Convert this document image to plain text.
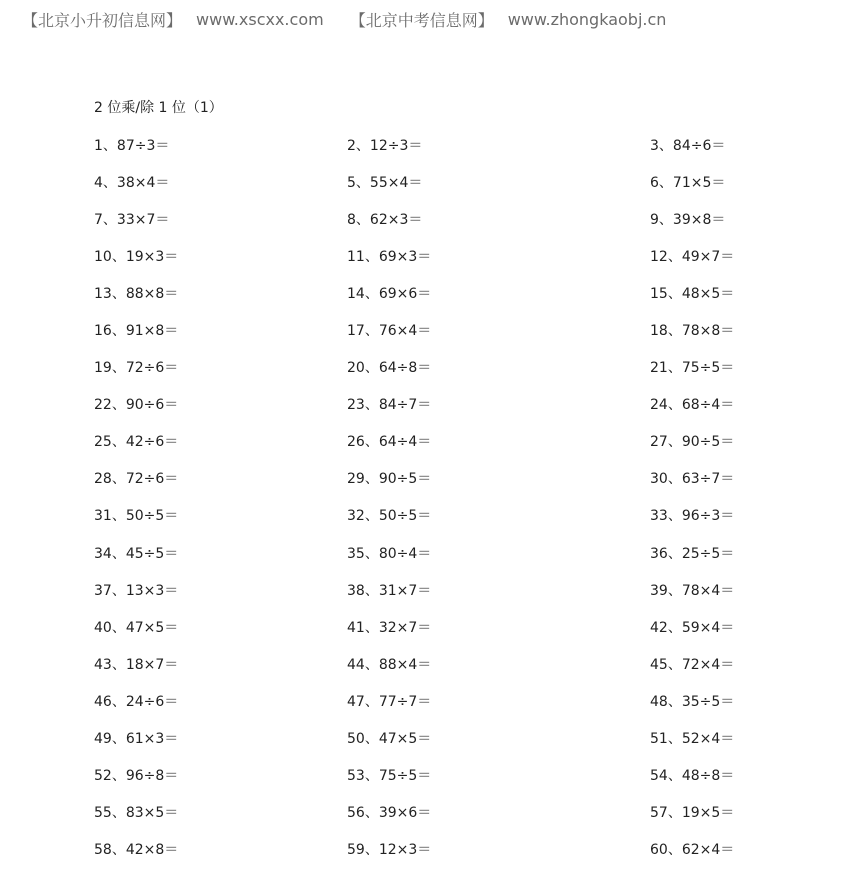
【北京小升初信息网】 www.xscxx.com 【北京中考信息网】 www.zhongkaobj.cn
2 位乘/除 1 位（1）
1、87÷3＝	2、12÷3＝	3、84÷6＝
4、38×4＝	5、55×4＝	6、71×5＝
7、33×7＝	8、62×3＝	9、39×8＝
10、19×3＝	11、69×3＝	12、49×7＝
13、88×8＝	14、69×6＝	15、48×5＝
16、91×8＝	17、76×4＝	18、78×8＝
19、72÷6＝	20、64÷8＝	21、75÷5＝
22、90÷6＝	23、84÷7＝	24、68÷4＝
25、42÷6＝	26、64÷4＝	27、90÷5＝
28、72÷6＝	29、90÷5＝	30、63÷7＝
31、50÷5＝	32、50÷5＝	33、96÷3＝
34、45÷5＝	35、80÷4＝	36、25÷5＝
37、13×3＝	38、31×7＝	39、78×4＝
40、47×5＝	41、32×7＝	42、59×4＝
43、18×7＝	44、88×4＝	45、72×4＝
46、24÷6＝	47、77÷7＝	48、35÷5＝
49、61×3＝	50、47×5＝	51、52×4＝
52、96÷8＝	53、75÷5＝	54、48÷8＝
55、83×5＝	56、39×6＝	57、19×5＝
58、42×8＝	59、12×3＝	60、62×4＝
